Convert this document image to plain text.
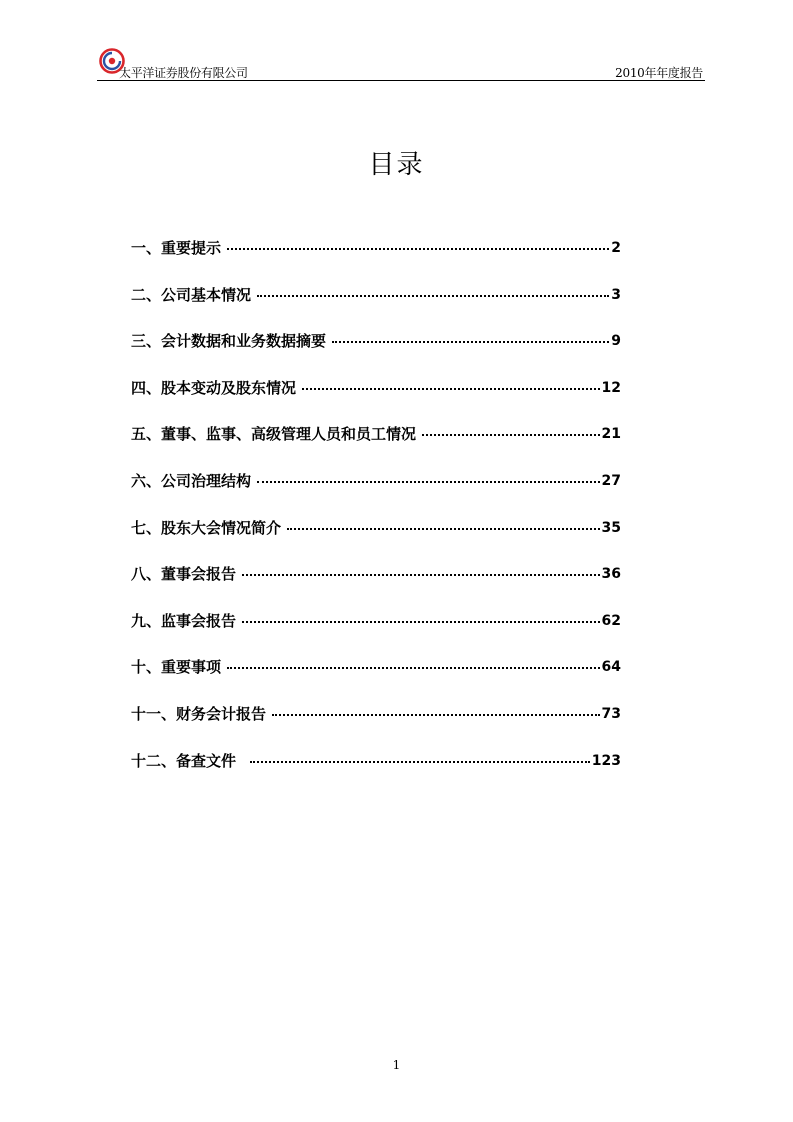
太平洋证券股份有限公司	2010年年度报告
目录
一、重要提示	2
二、公司基本情况	3
三、会计数据和业务数据摘要	9
四、股本变动及股东情况	12
五、董事、监事、高级管理人员和员工情况	21
六、公司治理结构	27
七、股东大会情况简介	35
八、董事会报告	36
九、监事会报告	62
十、重要事项	64
十一、财务会计报告	73
十二、备查文件	123
1
